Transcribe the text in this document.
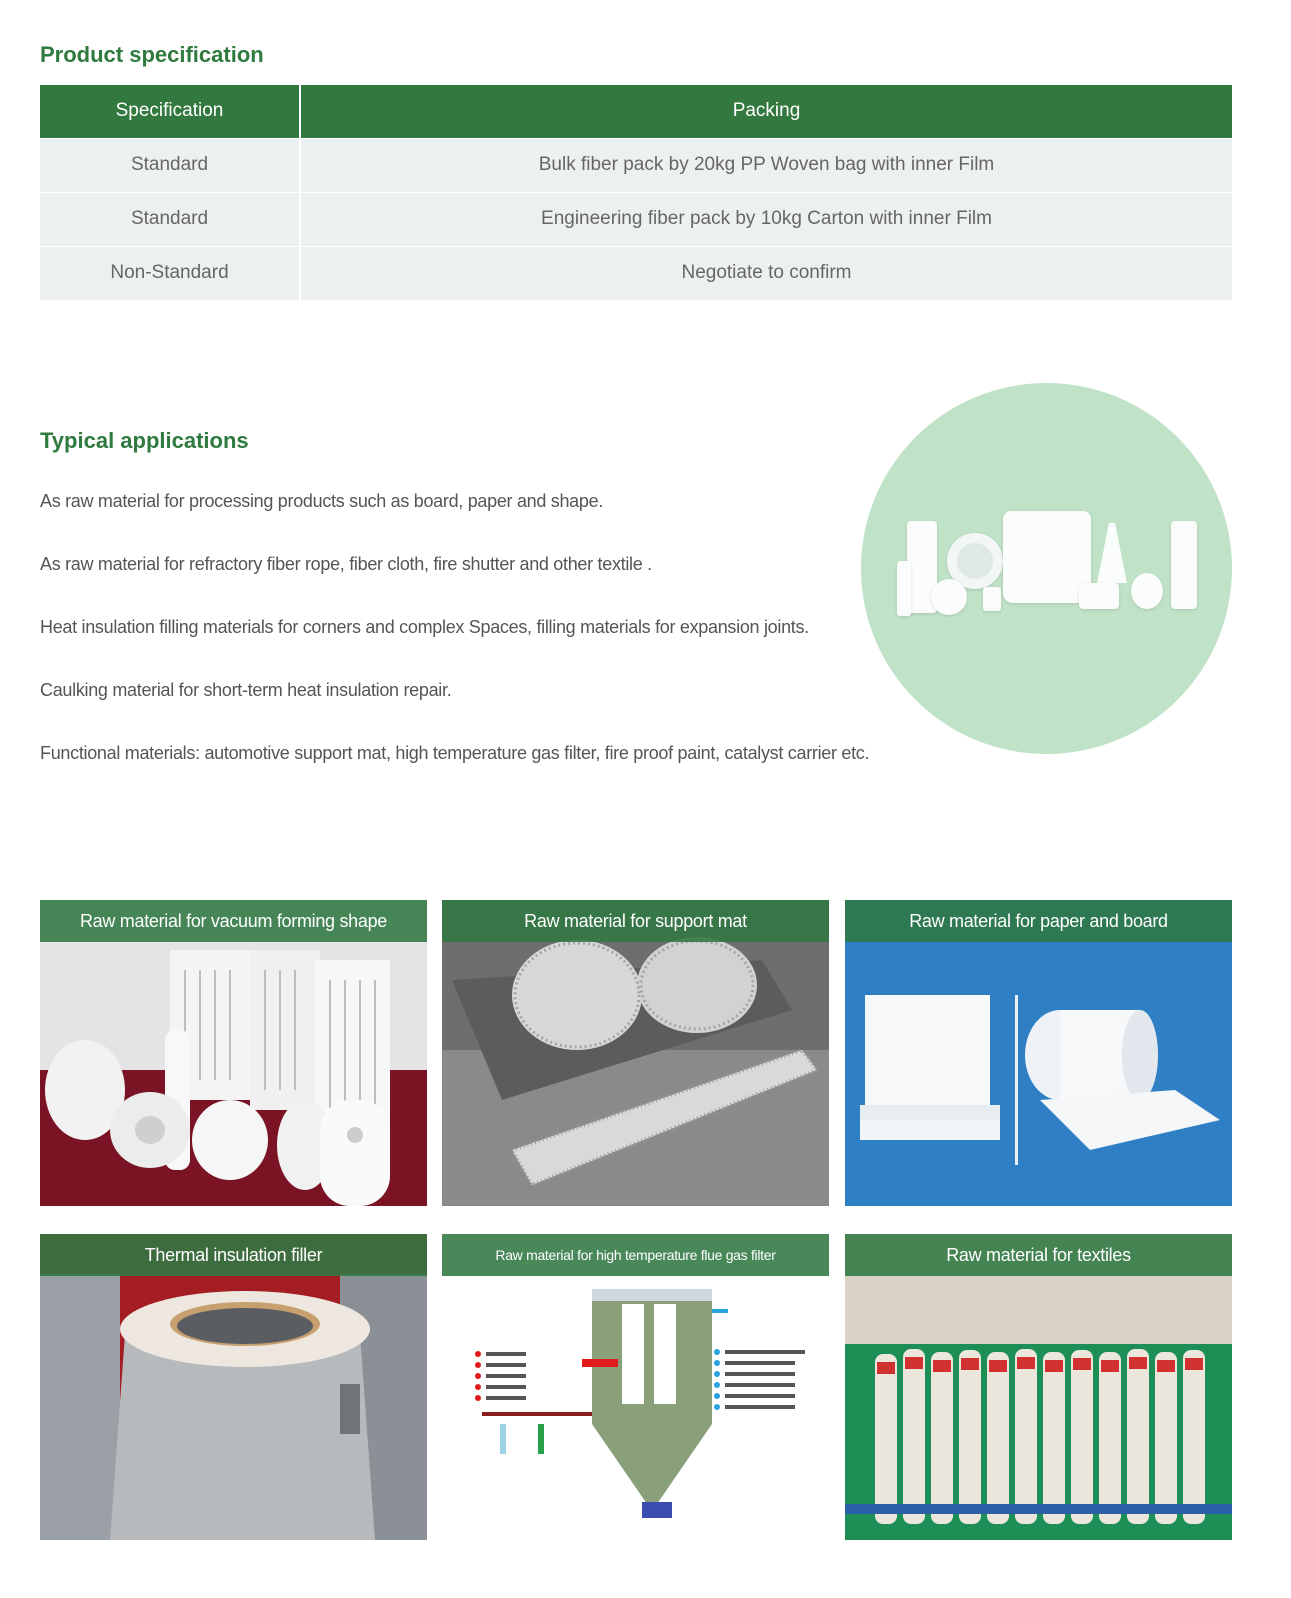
Product specification
Specification	Packing
Standard	Bulk fiber pack by 20kg PP Woven bag with inner Film
Standard	Engineering fiber pack by 10kg Carton with inner Film
Non-Standard	Negotiate to confirm
Typical applications
As raw material for processing products such as board, paper and shape.
As raw material for refractory fiber rope, fiber cloth, fire shutter and other textile .
Heat insulation filling materials for corners and complex Spaces, filling materials for expansion joints.
Caulking material for short-term heat insulation repair.
Functional materials: automotive support mat, high temperature gas filter, fire proof paint, catalyst carrier etc.
Raw material for vacuum forming shape	Raw material for support mat	Raw material for paper and board
Thermal insulation filler	Raw material for high temperature flue gas filter	Raw material for textiles
